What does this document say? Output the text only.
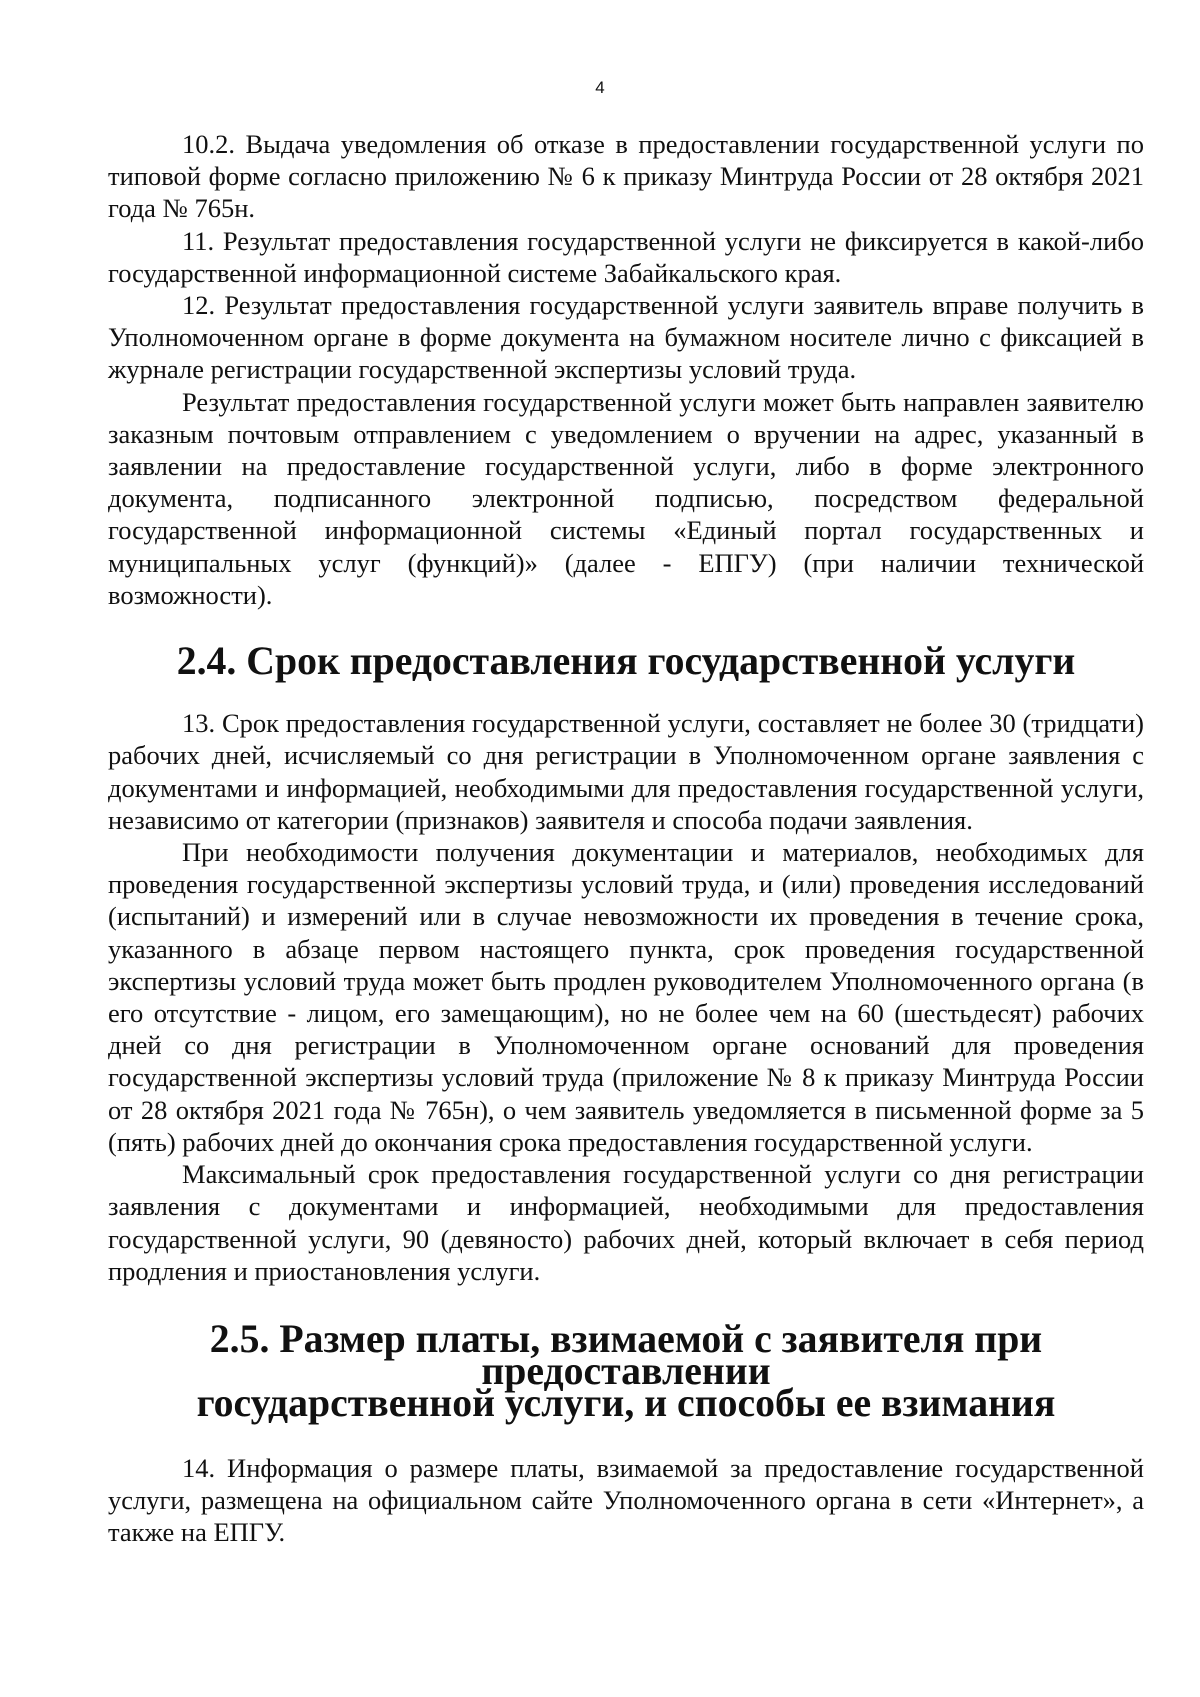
4

10.2. Выдача уведомления об отказе в предоставлении государственной услуги по типовой форме согласно приложению № 6 к приказу Минтруда России от 28 октября 2021 года № 765н.

11. Результат предоставления государственной услуги не фиксируется в какой-либо государственной информационной системе Забайкальского края.

12. Результат предоставления государственной услуги заявитель вправе получить в Уполномоченном органе в форме документа на бумажном носителе лично с фиксацией в журнале регистрации государственной экспертизы условий труда.

Результат предоставления государственной услуги может быть направлен заявителю заказным почтовым отправлением с уведомлением о вручении на адрес, указанный в заявлении на предоставление государственной услуги, либо в форме электронного документа, подписанного электронной подписью, посредством федеральной государственной информационной системы «Единый портал государственных и муниципальных услуг (функций)» (далее - ЕПГУ) (при наличии технической возможности).

2.4. Срок предоставления государственной услуги

13. Срок предоставления государственной услуги, составляет не более 30 (тридцати) рабочих дней, исчисляемый со дня регистрации в Уполномоченном органе заявления с документами и информацией, необходимыми для предоставления государственной услуги, независимо от категории (признаков) заявителя и способа подачи заявления.

При необходимости получения документации и материалов, необходимых для проведения государственной экспертизы условий труда, и (или) проведения исследований (испытаний) и измерений или в случае невозможности их проведения в течение срока, указанного в абзаце первом настоящего пункта, срок проведения государственной экспертизы условий труда может быть продлен руководителем Уполномоченного органа (в его отсутствие - лицом, его замещающим), но не более чем на 60 (шестьдесят) рабочих дней со дня регистрации в Уполномоченном органе оснований для проведения государственной экспертизы условий труда (приложение № 8 к приказу Минтруда России от 28 октября 2021 года № 765н), о чем заявитель уведомляется в письменной форме за 5 (пять) рабочих дней до окончания срока предоставления государственной услуги.

Максимальный срок предоставления государственной услуги со дня регистрации заявления с документами и информацией, необходимыми для предоставления государственной услуги, 90 (девяносто) рабочих дней, который включает в себя период продления и приостановления услуги.

2.5. Размер платы, взимаемой с заявителя при предоставлении
государственной услуги, и способы ее взимания

14. Информация о размере платы, взимаемой за предоставление государственной услуги, размещена на официальном сайте Уполномоченного органа в сети «Интернет», а также на ЕПГУ.
